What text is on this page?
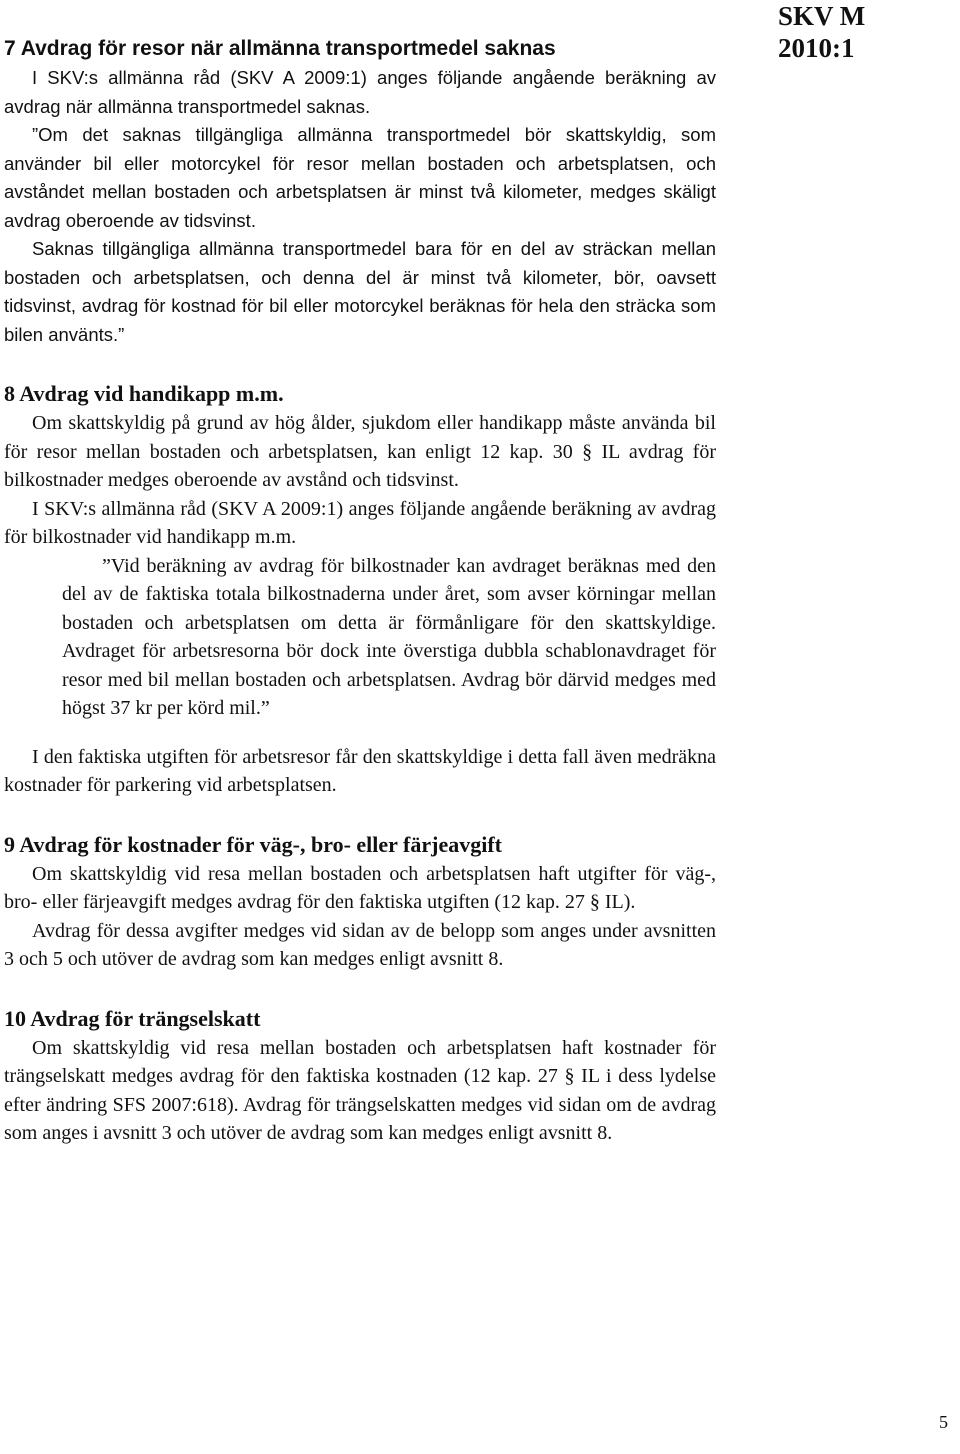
SKV M
2010:1
7 Avdrag för resor när allmänna transportmedel saknas

I SKV:s allmänna råd (SKV A 2009:1) anges följande angående beräkning av avdrag när allmänna transportmedel saknas.

”Om det saknas tillgängliga allmänna transportmedel bör skattskyldig, som använder bil eller motorcykel för resor mellan bostaden och arbetsplatsen, och avståndet mellan bostaden och arbetsplatsen är minst två kilometer, medges skäligt avdrag oberoende av tidsvinst.

Saknas tillgängliga allmänna transportmedel bara för en del av sträckan mellan bostaden och arbetsplatsen, och denna del är minst två kilometer, bör, oavsett tidsvinst, avdrag för kostnad för bil eller motorcykel beräknas för hela den sträcka som bilen använts.”

8 Avdrag vid handikapp m.m.

Om skattskyldig på grund av hög ålder, sjukdom eller handikapp måste använda bil för resor mellan bostaden och arbetsplatsen, kan enligt 12 kap. 30 § IL avdrag för bilkostnader medges oberoende av avstånd och tidsvinst.

I SKV:s allmänna råd (SKV A 2009:1) anges följande angående beräkning av avdrag för bilkostnader vid handikapp m.m.

”Vid beräkning av avdrag för bilkostnader kan avdraget beräknas med den del av de faktiska totala bilkostnaderna under året, som avser körningar mellan bostaden och arbetsplatsen om detta är förmånligare för den skattskyldige. Avdraget för arbetsresorna bör dock inte överstiga dubbla schablonavdraget för resor med bil mellan bostaden och arbetsplatsen. Avdrag bör därvid medges med högst 37 kr per körd mil.”

I den faktiska utgiften för arbetsresor får den skattskyldige i detta fall även medräkna kostnader för parkering vid arbetsplatsen.

9 Avdrag för kostnader för väg-, bro- eller färjeavgift

Om skattskyldig vid resa mellan bostaden och arbetsplatsen haft utgifter för väg-, bro- eller färjeavgift medges avdrag för den faktiska utgiften (12 kap. 27 § IL).

Avdrag för dessa avgifter medges vid sidan av de belopp som anges under avsnitten 3 och 5 och utöver de avdrag som kan medges enligt avsnitt 8.

10 Avdrag för trängselskatt

Om skattskyldig vid resa mellan bostaden och arbetsplatsen haft kostnader för trängselskatt medges avdrag för den faktiska kostnaden (12 kap. 27 § IL i dess lydelse efter ändring SFS 2007:618). Avdrag för trängselskatten medges vid sidan om de avdrag som anges i avsnitt 3 och utöver de avdrag som kan medges enligt avsnitt 8.

5
